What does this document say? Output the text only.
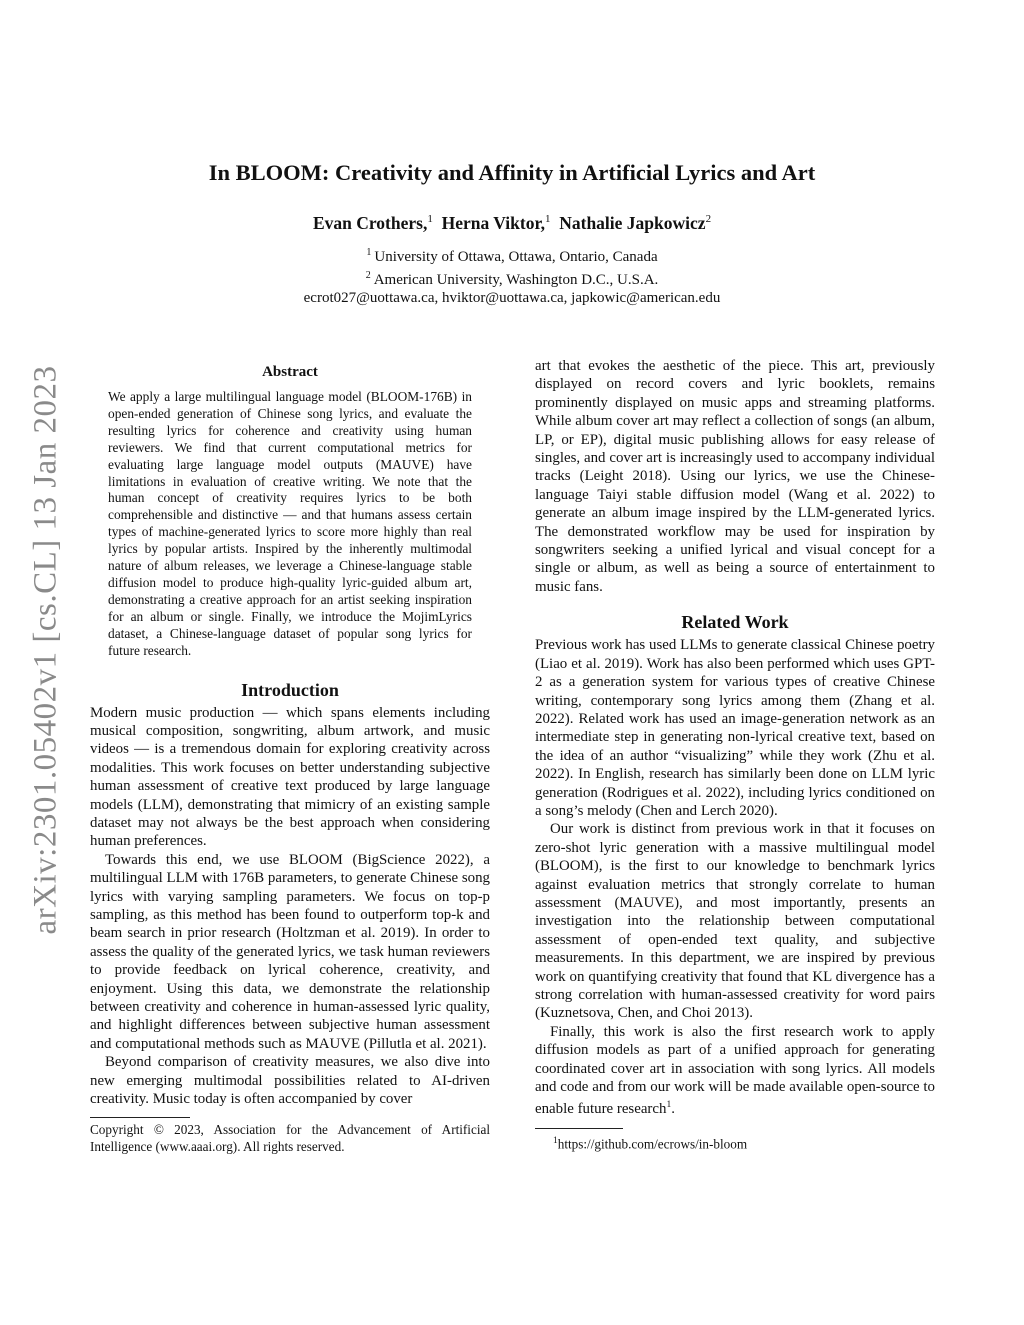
arXiv:2301.05402v1 [cs.CL] 13 Jan 2023
In BLOOM: Creativity and Affinity in Artificial Lyrics and Art
Evan Crothers,$^1$ Herna Viktor,$^1$ Nathalie Japkowicz$^2$
$^1$ University of Ottawa, Ottawa, Ontario, Canada
$^2$ American University, Washington D.C., U.S.A.
ecrot027@uottawa.ca, hviktor@uottawa.ca, japkowic@american.edu
Abstract

We apply a large multilingual language model (BLOOM-176B) in open-ended generation of Chinese song lyrics, and evaluate the resulting lyrics for coherence and creativity using human reviewers. We find that current computational metrics for evaluating large language model outputs (MAUVE) have limitations in evaluation of creative writing. We note that the human concept of creativity requires lyrics to be both comprehensible and distinctive — and that humans assess certain types of machine-generated lyrics to score more highly than real lyrics by popular artists. Inspired by the inherently multimodal nature of album releases, we leverage a Chinese-language stable diffusion model to produce high-quality lyric-guided album art, demonstrating a creative approach for an artist seeking inspiration for an album or single. Finally, we introduce the MojimLyrics dataset, a Chinese-language dataset of popular song lyrics for future research.

Introduction

Modern music production — which spans elements including musical composition, songwriting, album artwork, and music videos — is a tremendous domain for exploring creativity across modalities. This work focuses on better understanding subjective human assessment of creative text produced by large language models (LLM), demonstrating that mimicry of an existing sample dataset may not always be the best approach when considering human preferences.

Towards this end, we use BLOOM (BigScience 2022), a multilingual LLM with 176B parameters, to generate Chinese song lyrics with varying sampling parameters. We focus on top-p sampling, as this method has been found to outperform top-k and beam search in prior research (Holtzman et al. 2019). In order to assess the quality of the generated lyrics, we task human reviewers to provide feedback on lyrical coherence, creativity, and enjoyment. Using this data, we demonstrate the relationship between creativity and coherence in human-assessed lyric quality, and highlight differences between subjective human assessment and computational methods such as MAUVE (Pillutla et al. 2021).

Beyond comparison of creativity measures, we also dive into new emerging multimodal possibilities related to AI-driven creativity. Music today is often accompanied by cover

Copyright © 2023, Association for the Advancement of Artificial Intelligence (www.aaai.org). All rights reserved.

art that evokes the aesthetic of the piece. This art, previously displayed on record covers and lyric booklets, remains prominently displayed on music apps and streaming platforms. While album cover art may reflect a collection of songs (an album, LP, or EP), digital music publishing allows for easy release of singles, and cover art is increasingly used to accompany individual tracks (Leight 2018). Using our lyrics, we use the Chinese-language Taiyi stable diffusion model (Wang et al. 2022) to generate an album image inspired by the LLM-generated lyrics. The demonstrated workflow may be used for inspiration by songwriters seeking a unified lyrical and visual concept for a single or album, as well as being a source of entertainment to music fans.

Related Work

Previous work has used LLMs to generate classical Chinese poetry (Liao et al. 2019). Work has also been performed which uses GPT-2 as a generation system for various types of creative Chinese writing, contemporary song lyrics among them (Zhang et al. 2022). Related work has used an image-generation network as an intermediate step in generating non-lyrical creative text, based on the idea of an author “visualizing” while they work (Zhu et al. 2022). In English, research has similarly been done on LLM lyric generation (Rodrigues et al. 2022), including lyrics conditioned on a song’s melody (Chen and Lerch 2020).

Our work is distinct from previous work in that it focuses on zero-shot lyric generation with a massive multilingual model (BLOOM), is the first to our knowledge to benchmark lyrics against evaluation metrics that strongly correlate to human assessment (MAUVE), and most importantly, presents an investigation into the relationship between computational assessment of open-ended text quality, and subjective measurements. In this department, we are inspired by previous work on quantifying creativity that found that KL divergence has a strong correlation with human-assessed creativity for word pairs (Kuznetsova, Chen, and Choi 2013).

Finally, this work is also the first research work to apply diffusion models as part of a unified approach for generating coordinated cover art in association with song lyrics. All models and code and from our work will be made available open-source to enable future research$^1$.

$^1$https://github.com/ecrows/in-bloom
